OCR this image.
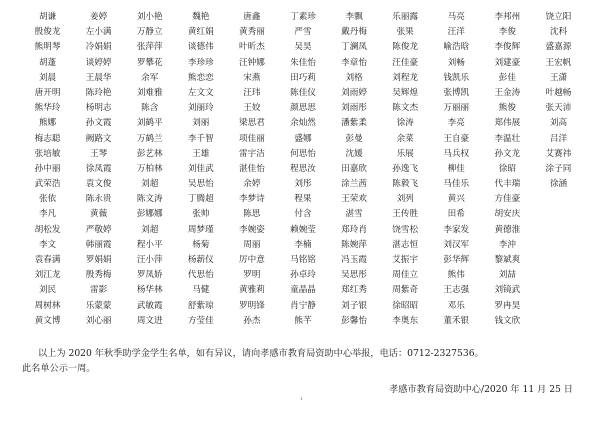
胡谦	姜婷	刘小艳	魏艳	唐鑫	丁素珍	李飘	乐丽露	马亮	李邦州	饶立阳
殷俊龙	左小满	万静立	黄红娟	黄秀丽	严雪	戴丹梅	张果	汪洋	李俊	沈科
熊明琴	冷娟娟	张萍萍	谈德伟	叶昕杰	吴昊	丁澜凤	陈俊龙	喻浩晗	李俊辉	盛嘉源
胡蓬	谈婷婷	罗攀花	李珍珍	汪钟娜	朱佳怡	李章怡	汪佳豪	刘畅	刘建豪	王宏帆
刘晨	王晨华	余军	熊恋恋	宋燕	田巧莉	刘格	刘程龙	钱凯乐	彭佳	王潇
唐开明	陈玲艳	刘难雅	左文文	汪玮	陈佳仪	刘雨婷	吴辉煌	张博凯	王金涛	叶越畅
熊华玲	杨明志	陈含	刘丽玲	王姣	颜思思	刘雨彤	陈文杰	万丽丽	熊俊	张天沛
熊娜	孙文霞	刘鹤平	刘丽	梁思君	余灿然	潘紫柔	徐涛	李亮	郑伟展	刘高
梅志聪	阙路文	万鹤兰	李千智	项佳丽	盛娜	彭曼	余菜	王自豪	李温壮	吕洋
张培敏	王琴	彭艺林	王雄	雷宇洁	何思怡	沈媛	乐展	马兵权	孙文龙	艾赛祎
孙中丽	徐凤霞	万柏林	刘佳武	湛佳怡	程思汝	田嘉欣	孙逸飞	柳佳	徐昭	涂子同
武荣浩	袁文俊	刘超	吴思怡	余婷	刘彤	涂兰茜	陈毅飞	马佳乐	代丰瑞	徐涵
张依	陈永贵	陈文涛	丁腾超	李梦诗	程果	王荣欢	刘列	黄兴	方佳豪
李凡	黄薇	彭娜娜	张帅	陈思	付含	湛雪	王传胜	田希	胡安庆
胡松发	严敬婷	刘超	周梦瑾	李婉姿	赖婉莹	郑玲肖	饶雪松	李家发	黄德淮
李文	韩丽霞	程小平	杨菊	周丽	李楠	陈婉萍	湛志恒	刘汉军	李沖
袁春满	罗娟娟	汪小萍	杨薪仪	厉中意	马铭铭	冯玉霞	艾振宇	彭华辉	黎斌爽
刘江龙	殷秀梅	罗凤娇	代思怡	罗明	孙卓玲	吴思彤	周佳立	熊伟	刘喆
刘民	雷影	杨华林	马健	黄雅莉	童晶晶	郑红秀	周紫奇	王志强	刘镜武
周树林	乐蒙蒙	武敏霞	舒紫琼	罗明锋	肖宁静	刘子银	徐昭昭	邓乐	罗冉昊
黄文博	刘心丽	周文进	方莹佳	孙杰	熊芊	彭馨怡	李奥东	董禾银	钱文欣
以上为 2020 年秋季助学金学生名单，如有异议，请向孝感市教育局资助中心举报，电话：0712-2327536。
此名单公示一周。
孝感市教育局资助中心/2020 年 11 月 25 日
1
